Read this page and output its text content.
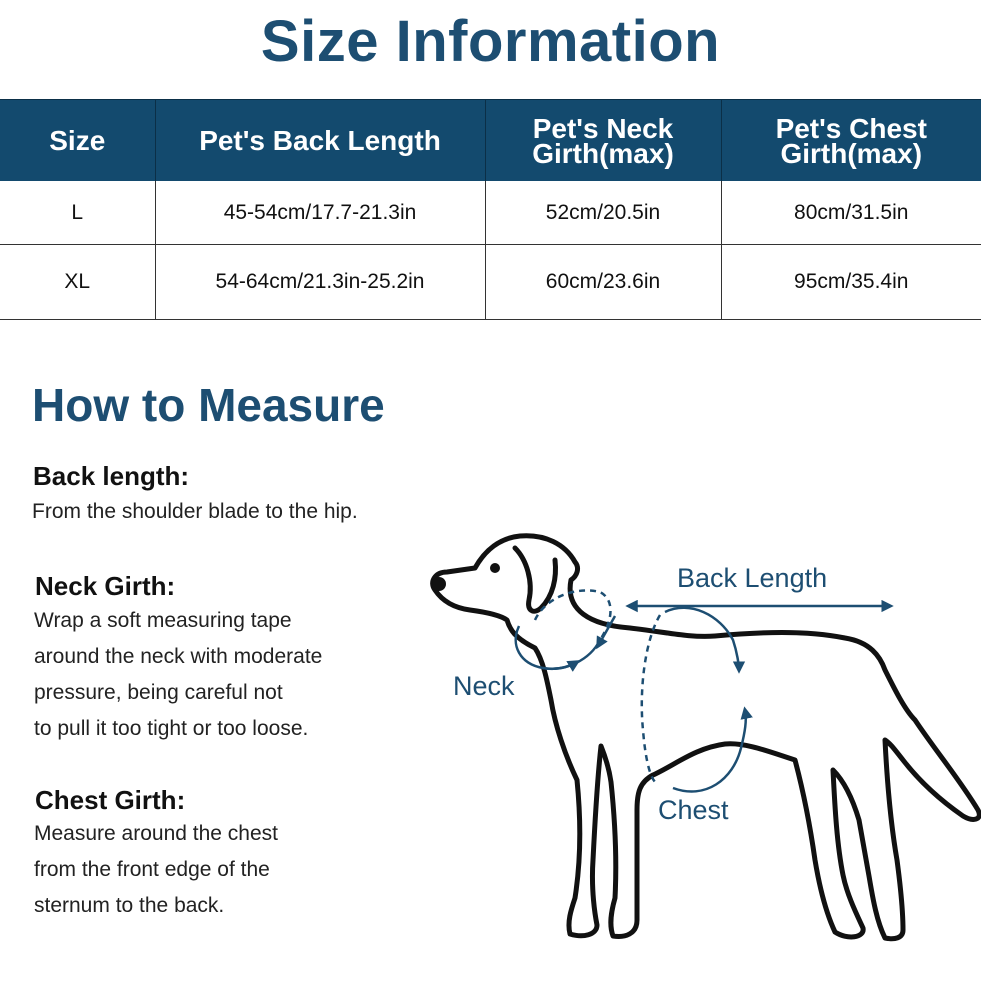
Size Information
Size	Pet's Back Length	Pet's Neck Girth(max)	Pet's Chest Girth(max)
L	45-54cm/17.7-21.3in	52cm/20.5in	80cm/31.5in
XL	54-64cm/21.3in-25.2in	60cm/23.6in	95cm/35.4in
How to Measure
Back length:
From the shoulder blade to the hip.
Neck Girth:
Wrap a soft measuring tape
around the neck with moderate
pressure, being careful not
to pull it too tight or too loose.
Chest Girth:
Measure around the chest
from the front edge of the
sternum to the back.
Back Length
Neck
Chest
